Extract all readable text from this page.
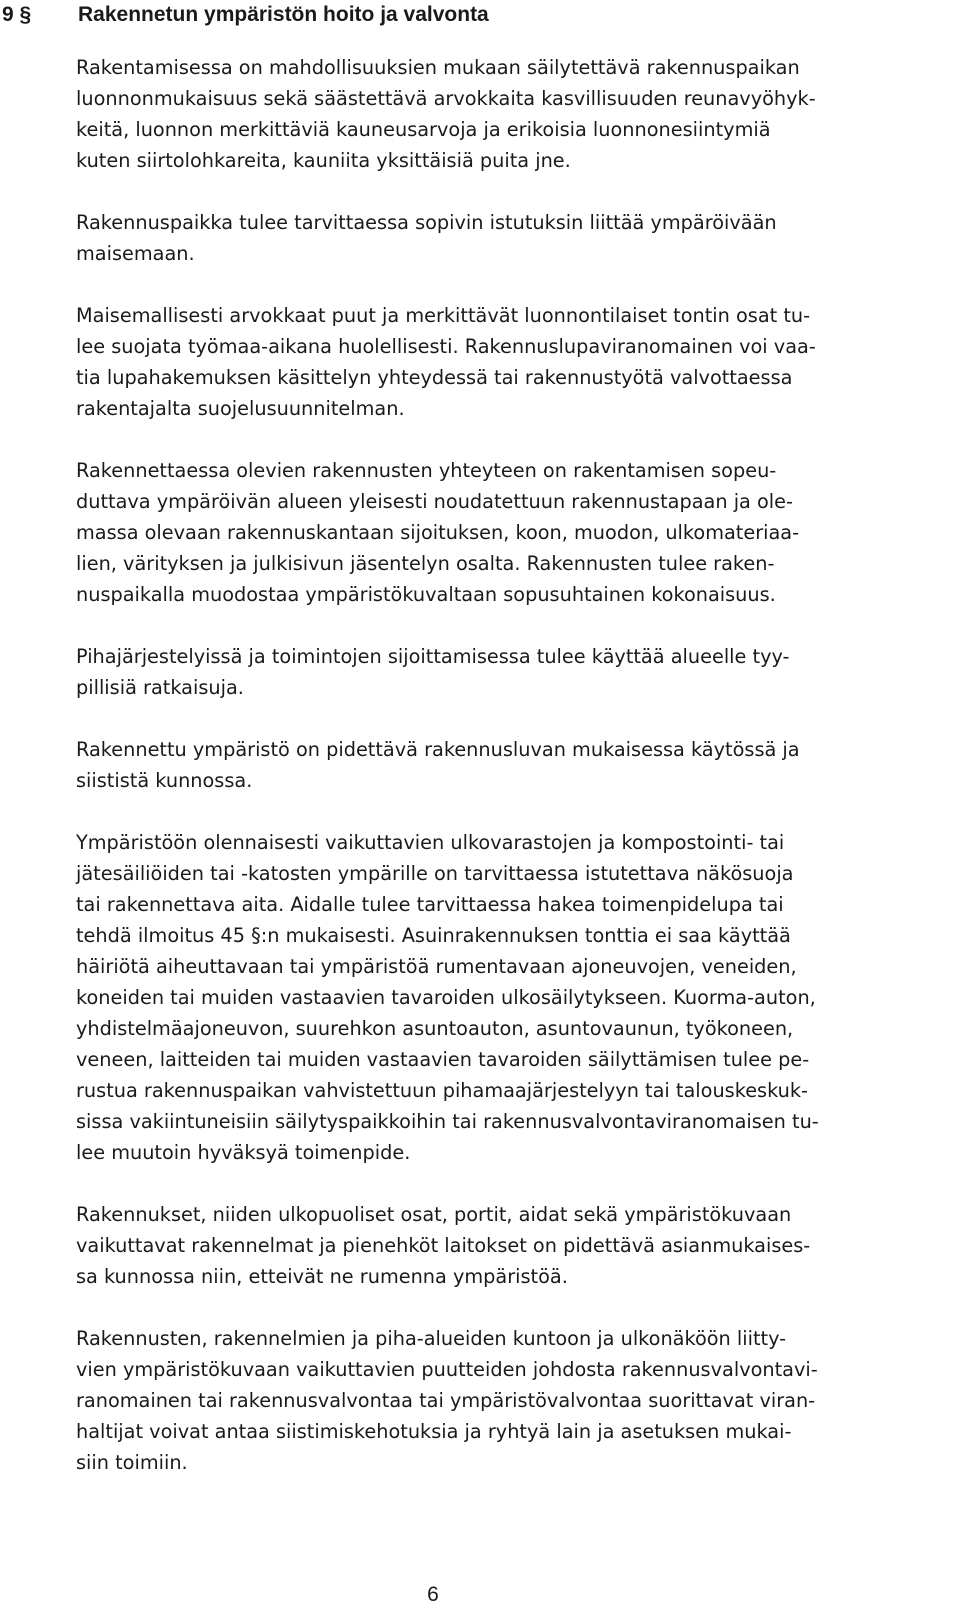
9 § Rakennetun ympäristön hoito ja valvonta
Rakentamisessa on mahdollisuuksien mukaan säilytettävä rakennuspaikan
luonnonmukaisuus sekä säästettävä arvokkaita kasvillisuuden reunavyöhyk-
keitä, luonnon merkittäviä kauneusarvoja ja erikoisia luonnonesiintymiä
kuten siirtolohkareita, kauniita yksittäisiä puita jne.
Rakennuspaikka tulee tarvittaessa sopivin istutuksin liittää ympäröivään
maisemaan.
Maisemallisesti arvokkaat puut ja merkittävät luonnontilaiset tontin osat tu-
lee suojata työmaa-aikana huolellisesti. Rakennuslupaviranomainen voi vaa-
tia lupahakemuksen käsittelyn yhteydessä tai rakennustyötä valvottaessa
rakentajalta suojelusuunnitelman.
Rakennettaessa olevien rakennusten yhteyteen on rakentamisen sopeu-
duttava ympäröivän alueen yleisesti noudatettuun rakennustapaan ja ole-
massa olevaan rakennuskantaan sijoituksen, koon, muodon, ulkomateriaa-
lien, värityksen ja julkisivun jäsentelyn osalta. Rakennusten tulee raken-
nuspaikalla muodostaa ympäristökuvaltaan sopusuhtainen kokonaisuus.
Pihajärjestelyissä ja toimintojen sijoittamisessa tulee käyttää alueelle tyy-
pillisiä ratkaisuja.
Rakennettu ympäristö on pidettävä rakennusluvan mukaisessa käytössä ja
siististä kunnossa.
Ympäristöön olennaisesti vaikuttavien ulkovarastojen ja kompostointi- tai
jätesäiliöiden tai -katosten ympärille on tarvittaessa istutettava näkösuoja
tai rakennettava aita. Aidalle tulee tarvittaessa hakea toimenpidelupa tai
tehdä ilmoitus 45 §:n mukaisesti. Asuinrakennuksen tonttia ei saa käyttää
häiriötä aiheuttavaan tai ympäristöä rumentavaan ajoneuvojen, veneiden,
koneiden tai muiden vastaavien tavaroiden ulkosäilytykseen. Kuorma-auton,
yhdistelmäajoneuvon, suurehkon asuntoauton, asuntovaunun, työkoneen,
veneen, laitteiden tai muiden vastaavien tavaroiden säilyttämisen tulee pe-
rustua rakennuspaikan vahvistettuun pihamaajärjestelyyn tai talouskeskuk-
sissa vakiintuneisiin säilytyspaikkoihin tai rakennusvalvontaviranomaisen tu-
lee muutoin hyväksyä toimenpide.
Rakennukset, niiden ulkopuoliset osat, portit, aidat sekä ympäristökuvaan
vaikuttavat rakennelmat ja pienehköt laitokset on pidettävä asianmukaises-
sa kunnossa niin, etteivät ne rumenna ympäristöä.
Rakennusten, rakennelmien ja piha-alueiden kuntoon ja ulkonäköön liitty-
vien ympäristökuvaan vaikuttavien puutteiden johdosta rakennusvalvontavi-
ranomainen tai rakennusvalvontaa tai ympäristövalvontaa suorittavat viran-
haltijat voivat antaa siistimiskehotuksia ja ryhtyä lain ja asetuksen mukai-
siin toimiin.
6
